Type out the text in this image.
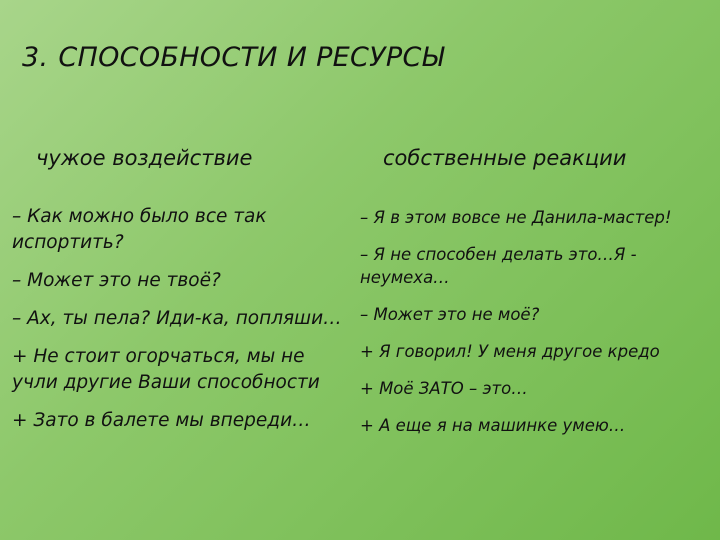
3. СПОСОБНОСТИ И РЕСУРСЫ
чужое воздействие	собственные реакции
– Как можно было все так испортить?
– Может это не твоё?
– Ах, ты пела? Иди-ка, попляши…
+ Не стоит огорчаться, мы не учли другие Ваши способности
+ Зато в балете мы впереди…
– Я в этом вовсе не Данила-мастер!
– Я не способен делать это…Я - неумеха…
– Может это не моё?
+ Я говорил! У меня другое кредо
+ Моё ЗАТО – это…
+ А еще я на машинке умею…
